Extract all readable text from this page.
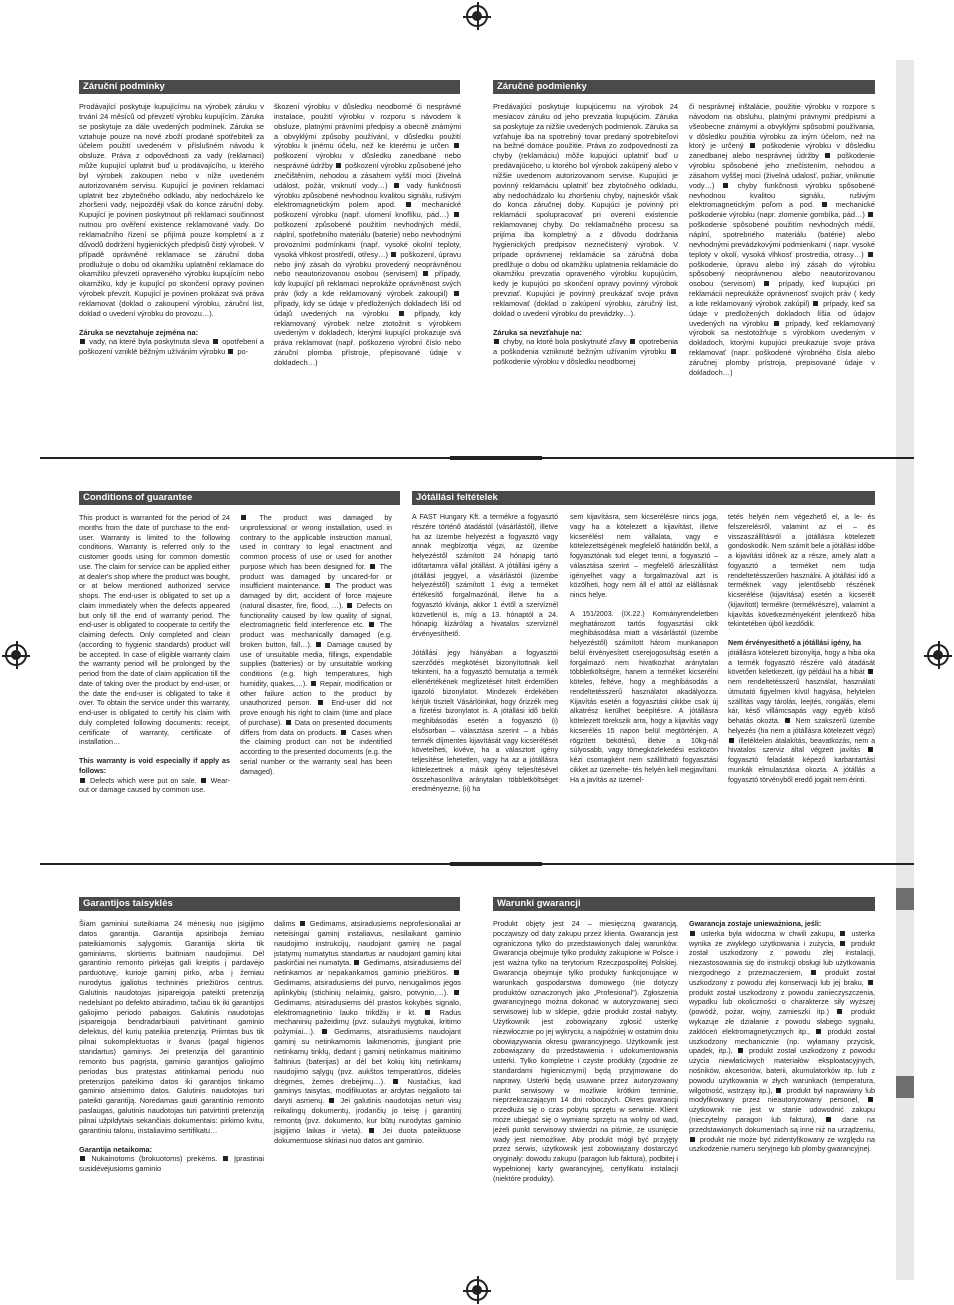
Záruční podmínky

Prodávající poskytuje kupujícímu na výrobek záruku v trvání 24 měsíců od převzetí výrobku kupujícím. Záruka se poskytuje za dále uvedených podmínek. Záruka se vztahuje pouze na nové zboží prodané spotřebiteli za účelem použití uvedeném v příslušném návodu k obsluze. Práva z odpovědnosti za vady (reklamaci) může kupující uplatnit buď u prodávajícího, u kterého byl výrobek zakoupen nebo v níže uvedeném autorizovaném servisu. Kupující je povinen reklamaci uplatnit bez zbytečného odkladu, aby nedocházelo ke zhoršení vady, nejpozději však do konce záruční doby. Kupující je povinen poskytnout při reklamaci součinnost nutnou pro ověření existence reklamované vady. Do reklamačního řízení se přijímá pouze kompletní a z důvodů dodržení hygienických předpisů čistý výrobek. V případě oprávněné reklamace se záruční doba prodlužuje o dobu od okamžiku uplatnění reklamace do okamžiku převzetí opraveného výrobku kupujícím nebo okamžiku, kdy je kupující po skončení opravy povinen výrobek převzít. Kupující je povinen prokázat svá práva reklamovat (doklad o zakoupení výrobku, záruční list, doklad o uvedení výrobku do provozu…).

Záruka se nevztahuje zejména na:

vady, na které byla poskytnuta sleva  opotřebení a poškození vzniklé běžným užíváním výrobku  po-

škození výrobku v důsledku neodborné či nesprávné instalace, použití výrobku v rozporu s návodem k obsluze, platnými právními předpisy a obecně známými a obvyklými způsoby používání, v důsledku použití výrobku k jinému účelu, než ke kterému je určen  poškození výrobku v důsledku zanedbané nebo nesprávné údržby  poškození výrobku způsobené jeho znečištěním, nehodou a zásahem vyšší moci (živelná událost, požár, vniknutí vody…)  vady funkčnosti výrobku způsobené nevhodnou kvalitou signálu, rušivým elektromagnetickým polem apod.  mechanické poškození výrobku (např. ulomení knoflíku, pád…)  poškození způsobené použitím nevhodných médií, náplní, spotřebního materiálu (baterie) nebo nevhodnými provozními podmínkami (např. vysoké okolní teploty, vysoká vlhkost prostředí, otřesy…)  poškození, úpravu nebo jiný zásah do výrobku provedený neoprávněnou nebo neautorizovanou osobou (servisem)  případy, kdy kupující při reklamaci neprokáže oprávněnost svých práv (kdy a kde reklamovaný výrobek zakoupil)  případy, kdy se údaje v předložených dokladech liší od údajů uvedených na výrobku  případy, kdy reklamovaný výrobek nelze ztotožnit s výrobkem uvedeným v dokladech, kterými kupující prokazuje svá práva reklamovat (např. poškozeno výrobní číslo nebo záruční plomba přístroje, přepisované údaje v dokladech…)

Záručné podmienky

Predávajúci poskytuje kupujúcemu na výrobok 24 mesiacov záruku od jeho prevzatia kupujúcim. Záruka sa poskytuje za nižšie uvedených podmienok. Záruka sa vzťahuje iba na spotrebný tovar predaný spotrebiteľovi na bežné domáce použitie. Práva zo zodpovednosti za chyby (reklamáciu) môže kupujúci uplatniť buď u predávajúceho, u ktorého bol výrobok zakúpený alebo v nižšie uvedenom autorizovanom servise. Kupujúci je povinný reklamáciu uplatniť bez zbytočného odkladu, aby nedochádzalo ku zhoršeniu chyby, najneskôr však do konca záručnej doby. Kupujúci je povinný pri reklamácii spolupracovať pri overení existencie reklamovanej chyby. Do reklamačného procesu sa prijíma iba kompletný a z dôvodu dodržania hygienických predpisov neznečistený výrobok. V prípade oprávnenej reklamácie sa záručná doba predlžuje o dobu od okamžiku uplatnenia reklamácie do okamžiku prevzatia opraveného výrobku kupujúcim, kedy je kupujúci po skončení opravy povinný výrobok prevziať. Kupujúci je povinný preukázať svoje práva reklamovať (doklad o zakúpení výrobku, záručný list, doklad o uvedení výrobku do prevádzky…).

Záruka sa nevzťahuje na:

chyby, na ktoré bola poskytnuté zľavy  opotrebenia a poškodenia vzniknuté bežným užívaním výrobku  poškodenie výrobku v dôsledku neodbornej

či nesprávnej inštalácie, použitie výrobku v rozpore s návodom na obsluhu, platnými právnymi predpismi a všeobecne známymi a obvyklými spôsobmi používania, v dôsledku použitia výrobku za iným účelom, než na ktorý je určený  poškodenie výrobku v dôsledku zanedbanej alebo nesprávnej údržby  poškodenie výrobku spôsobené jeho znečistením, nehodou a zásahom vyššej moci (živelná udalosť, požiar, vniknutie vody…)  chyby funkčnosti výrobku spôsobené nevhodnou kvalitou signálu, rušivým elektromagnetickým poľom a pod.  mechanické poškodenie výrobku (napr. zlomenie gombíka, pád…)  poškodenie spôsobené použitím nevhodných médií, náplní, spotrebného materiálu (batérie) alebo nevhodnými prevádzkovými podmienkami ( napr. vysoké teploty v okolí, vysoká vlhkosť prostredia, otrasy…)  poškodenie, úpravu alebo iný zásah do výrobku spôsobený neoprávnenou alebo neautorizovanou osobou (servisom)  prípady, keď kupujúci pri reklamácii nepreukáže oprávnenosť svojich práv ( kedy a kde reklamovaný výrobok zakúpil)  prípady, keď sa údaje v predložených dokladoch líšia od údajov uvedených na výrobku  prípady, keď reklamovaný výrobok sa nestotožňuje s výrobkom uvedeným v dokladoch, ktorými kupujúci preukazuje svoje práva reklamovať (napr. poškodené výrobného čísla alebo záručnej plomby prístroja, prepisované údaje v dokladoch…)

Conditions of guarantee

This product is warranted for the period of 24 months from the date of purchase to the end-user. Warranty is limited to the following conditions. Warranty is referred only to the customer goods using for common domestic use. The claim for service can be applied either at dealer's shop where the product was bought, or at below mentioned authorized service shops. The end-user is obligated to set up a claim immediately when the defects appeared but only till the end of warranty period. The end-user is obligated to cooperate to certify the claiming defects. Only completed and clean (according to hygienic standards) product will be accepted. In case of eligible warranty claim the warranty period will be prolonged by the period from the date of claim application till the date of taking over the product by end-user, or the date the end-user is obligated to take it over. To obtain the service under this warranty, end-user is obligated to certify his claim with duly completed following documents: receipt, certificate of warranty, certificate of installation…

This warranty is void especially if apply as follows:

Defects which were put on sale.  Wear-out or damage caused by common use.

The product was damaged by unprofessional or wrong installation, used in contrary to the applicable instruction manual, used in contrary to legal enactment and common process of use or used for another purpose which has been designed for.  The product was damaged by uncared-for or insufficient maintenance.  The product was damaged by dirt, accident of force majeure (natural disaster, fire, flood, …).  Defects on functionality caused by low quality of signal, electromagnetic field interference etc.  The product was mechanically damaged (e.g. broken button, fall…).  Damage caused by use of unsuitable media, fillings, expendable supplies (batteries) or by unsuitable working conditions (e.g. high temperatures, high humidity, quakes,…).  Repair, modification or other failure action to the product by unauthorized person.  End-user did not prove enough his right to claim (time and place of purchase).  Data on presented documents differs from data on products.  Cases when the claiming product can not be indentified according to the presented documents (e.g. the serial number or the warranty seal has been damaged).

Jótállási feltételek

A FAST Hungary Kft. a termékre a fogyasztó részére történő átadástól (vásárlástól), illetve ha az üzembe helyezést a fogyasztó vagy annak megbízottja végzi, az üzembe helyezéstől számított 24 hónapig tartó időtartamra vállal jótállást. A jótállási igény a jótállási jeggyel, a vásárlástól (üzembe helyezéstől) számított 1 évig a terméket értékesítő forgalmazónál, illetve ha a fogyasztó kívánja, akkor 1 évtől a szervíznél közvetlenül is, míg a 13. hónaptól a 24. hónapig kizárólag a hivatalos szervíznél érvényesíthető.

Jótállási jegy hiányában a fogyasztói szerződés megkötését bizonyítottnak kell tekinteni, ha a fogyasztó bemutatja a termék ellenértékének megfizetését hitelt érdemlően igazoló bizonylatot. Mindezek érdekében kérjük tisztelt Vásárlóinkat, hogy őrizzék meg a fizetési bizonylatot is. A jótállási idő belüli meghibásodás esetén a fogyasztó (i) elsősorban – választása szerint – a hibás termék díjmentes kijavítását vagy kicserélését követelheti, kivéve, ha a választott igény teljesítése lehetetlen, vagy ha az a jótállásra kötelezettnek a másik igény teljesítésével összehasonlítva aránytalan többletköltséget eredményezne, (ii) ha

sem kijavításra, sem kicserélésre nincs joga, vagy ha a kötelezett a kijavítást, illetve kicserélést nem vállalata, vagy e kötelezettségének megfelelő határidőn belül, a fogyasztónak tud eleget tenni, a fogyasztó – választása szerint – megfelelő árleszállítást igényelhet vagy a forgalmazóval azt is közölheti, hogy nem áll el attól az elállásnak nincs helye.

A 151/2003. (IX.22.) Kormányrendeletben meghatározott tartós fogyasztási cikk meghibásodása miatt a vásárlástól (üzembe helyezéstől) számított három munkanapon belül érvényesített cserejogosultság esetén a forgalmazó nem hivatkozhat aránytalan többletköltségre, hanem a terméket kicserélni köteles, feltéve, hogy a meghibásodás a rendeltetésszerű használatot akadályozza. Kijavítás esetén a fogyasztási cikkbe csak új alkatrész kerülhet beépítésre. A jótállásra kötelezett törekszik arra, hogy a kijavítás vagy kicserélés 15 napon belül megtörténjen. A rögzített bekötésű, illetve a 10kg-nál súlyosabb, vagy tömegközlekedési eszközön kézi csomagként nem szállítható fogyasztási cikket az üzemelte- tés helyén kell megjavítani. Ha a javítás az üzemel-

tetés helyén nem végezhető el, a le- és felszerelésről, valamint az el – és visszaszállításról a jótállásra kötelezett gondoskodik. Nem számít bele a jótállási időbe a kijavítási időnek az a része, amely alatt a fogyasztó a terméket nem tudja rendeltetésszerűen használni. A jótállási idő a terméknek vagy jelentősebb részének kicserélése (kijavítása) esetén a kicserélt (kijavított) termékre (termékrészre), valamint a kijavítás következményeként jelentkező hiba tekintetében újból kezdődik.

Nem érvényesíthető a jótállási igény, ha

jótállásra kötelezett bizonyítja, hogy a hiba oka a termék fogyasztó részére való átadását követően keletkezett, így például ha a hibát  nem rendeltetésszerű használat, használati útmutató figyelmen kívül hagyása, helytelen szállítás vagy tárolás, leejtés, rongálás, elemi kár, késő villámcsapás vagy egyéb külső behatás okozta.  Nem szakszerű üzembe helyezés (ha nem a jótállásra kötelezett végzi)  illetéktelen átalakítás, beavatkozás, nem a hivatalos szerviz által végzett javítás  fogyasztó feladatát képező karbantartási munkák elmulasztása okozta. A jótállás a fogyasztó törvényből eredő jogait nem érinti.

Garantijos taisyklės

Šiam gaminiui suteikiama 24 mėnesių nuo įsigijimo datos garantija. Garantija apsiriboja žemiau pateikiamomis sąlygomis. Garantija skirta tik gaminiams, skirtiems buitiniam naudojimui. Dėl garantinio remonto pirkėjas gali kreiptis į pardavėjo parduotuvę, kurioje gaminį pirko, arba į žemiau nurodytus įgaliotus techninės priežiūros centrus. Galutinis naudotojas įsipareigoja pateikti pretenziją nedelsiant po defekto atsiradimo, tačiau tik iki garantijos galiojimo periodo pabaigos. Galutinis naudotojas įsipareigoja bendradarbiauti patvirtinant gaminio defektus, dėl kurių pateikia pretenziją. Priimtas bus tik pilnai sukomplektuotas ir švarus (pagal higienos standartus) gaminys. Jei pretenzija dėl garantinio remonto bus pagrįsta, gaminio garantijos galiojimo periodas bus pratęstas atitinkamai periodu nuo pretenzijos pateikimo datos iki garantijos tinkamo gaminio atsiėmimo datos. Galutinis naudotojas turi pateikti garantiją. Norėdamas gauti garantinio remonto paslaugas, galutinis naudotojas turi patvirtinti pretenziją pilnai užpildytais sekančiais dokumentais: pirkimo kvitu, garantiniu talonu, instaliavimo sertifikatu…

Garantija netaikoma:

Nukainotoms (brokuotoms) prekėms.  Įprastinai susidėvėjusioms gaminio

dalims  Gedimams, atsiradusiems neprofesionaliai ar neteisingai gaminį instaliavus, nesilaikant gaminio naudojimo instrukcijų, naudojant gaminį ne pagal įstatymų numatytus standartus ar naudojant gaminį kitai paskirčiai nei numatyta.  Gedimams, atsiradusiems dėl netinkamos ar nepakankamos gaminio priežiūros.  Gedimams, atsiradusiems dėl purvo, nenugalimos jėgos aplinkybių (stichinių nelaimių, gaisro, potvynio,…).  Gedimams, atsiradusiems dėl prastos kokybės signalo, elektromagnetinio lauko trikdžių ir kt.  Radus mechaninių pažeidimų (pvz. sulaužyti mygtukai, kritimo požymiai…).  Gedimams, atsiradusiems naudojant gaminį su netinkamomis laikmenomis, įjungiant prie netinkamų tinklų, dedant į gaminį netinkamus maitinimo šaltinius (baterijas) ar dėl bet kokių kitų netinkamų naudojimo sąlygų (pvz. aukštos temperatūros, didelės drėgmės, žemės drebėjimų…).  Nustačius, kad gaminys taisytas, modifikuotas ar ardytas neįgalioto tai daryti asmenų.  Jei galutinis naudotojas neturi visų reikalingų dokumentų, įrodančių jo teisę į garantinį remontą (pvz. dokumento, kur būtų nurodytas gaminio įsigijimo laikas ir vieta).  Jei duota pateiktuose dokumentuose skiriasi nuo datos ant gaminio.

Warunki gwarancji

Produkt objęty jest 24 – miesięczną gwarancją, począwszy od daty zakupu przez klienta. Gwarancja jest ograniczona tylko do przedstawionych dalej warunków. Gwarancja obejmuje tylko produkty zakupione w Polsce i jest ważna tylko na terytorium Rzeczpospolitej Polskiej. Gwarancja obejmuje tylko produkty funkcjonujące w warunkach gospodarstwa domowego (nie dotyczy produktów oznaczonych jako „Profesional"). Zgłoszenia gwarancyjnego można dokonać w autoryzowanej sieci serwisowej lub w sklepie, gdzie produkt został nabyty. Użytkownik jest zobowiązany zgłosić usterkę niezwłocznie po jej wykryciu, a najpóźniej w ostatnim dniu obowiązywania okresu gwarancyjnego. Użytkownik jest zobowiązany do przedstawienia i udokumentowania usterki. Tylko kompletne i czyste produkty (zgodnie ze standardami higienicznymi) będą przyjmowane do naprawy. Usterki będą usuwane przez autoryzowany punkt serwisowy w możliwie krótkim terminie, nieprzekraczającym 14 dni roboczych. Okres gwarancji przedłuża się o czas pobytu sprzętu w serwisie. Klient może ubiegać się o wymianę sprzętu na wolny od wad, jeżeli punkt serwisowy stwierdzi na piśmie, że usunięcie wady jest niemożliwe. Aby produkt mógł być przyjęty przez serwis, użytkownik jest zobowiązany dostarczyć oryginały: dowodu zakupu (paragon lub faktura), podbitej i wypełnionej karty gwarancyjnej, certyfikatu instalacji (niektóre produkty).

Gwarancja zostaje unieważniona, jeśli:

usterka była widoczna w chwili zakupu,  usterka wynika ze zwykłego użytkowania i zużycia,  produkt został uszkodzony z powodu złej instalacji, niezastosowania się do instrukcji obsługi lub użytkowania niezgodnego z przeznaczeniem,  produkt został uszkodzony z powodu złej konserwacji lub jej braku,  produkt został uszkodzony z powodu zanieczyszczenia, wypadku lub okoliczności o charakterze siły wyższej (powódź, pożar, wojny, zamieszki itp.)  produkt wykazuje złe działanie z powodu słabego sygnału, zakłóceń elektromagnetycznych itp.,  produkt został uszkodzony mechanicznie (np. wyłamany przycisk, upadek, itp.),  produkt został uszkodzony z powodu użycia niewłaściwych materiałów eksploatacyjnych, nośników, akcesoriów, baterii, akumulatorków itp. lub z powodu użytkowania w złych warunkach (temperatura, wilgotność, wstrząsy itp.),  produkt był naprawiany lub modyfikowany przez nieautoryzowany personel,  użytkownik nie jest w stanie udowodnić zakupu (nieczytelny paragon lub faktura),  dane na przedstawionych dokumentach są inne niż na urządzeniu,  produkt nie może być zidentyfikowany ze względu na uszkodzenie numeru seryjnego lub plomby gwarancyjnej.
